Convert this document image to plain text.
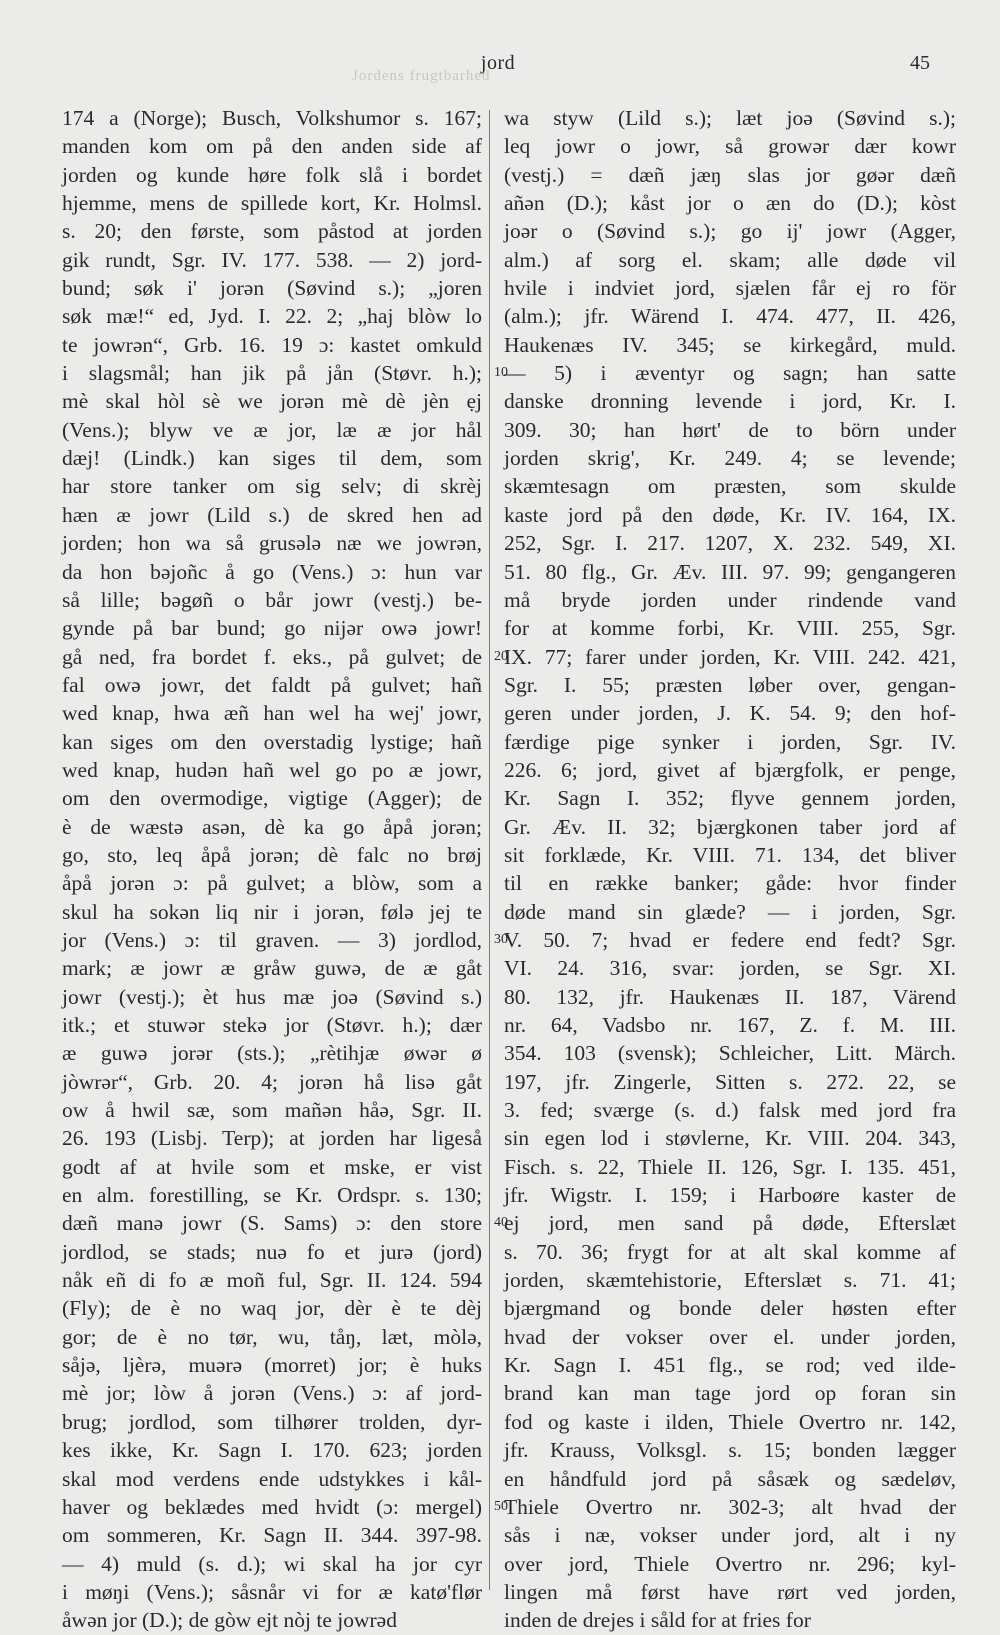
jord	45
Jordens frugtbarhed
174 a (Norge); Busch, Volkshumor s. 167;
manden kom om på den anden side af
jorden og kunde høre folk slå i bordet
hjemme, mens de spillede kort, Kr. Holmsl.
s. 20; den første, som påstod at jorden
gik rundt, Sgr. IV. 177. 538. — 2) jord-
bund; søk i' jorən (Søvind s.); „joren
søk mæ!“ ed, Jyd. I. 22. 2; „haj blòw lo
te jowrən“, Grb. 16. 19 ɔ: kastet omkuld
i slagsmål; han jik på jån (Støvr. h.); 10
mè skal hòl sè we jorən mè dè jèn ẹj
(Vens.); blyw ve æ jor, læ æ jor hål
dæj! (Lindk.) kan siges til dem, som
har store tanker om sig selv; di skrèj
hæn æ jowr (Lild s.) de skred hen ad
jorden; hon wa så grusələ næ we jowrən,
da hon bəjoñc å go (Vens.) ɔ: hun var
så lille; bəgøñ o bår jowr (vestj.) be-
gynde på bar bund; go nijər owə jowr!
gå ned, fra bordet f. eks., på gulvet; de 20
fal owə jowr, det faldt på gulvet; hañ
wed knap, hwa æñ han wel ha wej' jowr,
kan siges om den overstadig lystige; hañ
wed knap, hudən hañ wel go po æ jowr,
om den overmodige, vigtige (Agger); de
è de wæstə asən, dè ka go åpå jorən;
go, sto, leq åpå jorən; dè falc no brøj
åpå jorən ɔ: på gulvet; a blòw, som a
skul ha sokən liq nir i jorən, følə jej te
jor (Vens.) ɔ: til graven. — 3) jordlod, 30
mark; æ jowr æ gråw guwə, de æ gåt
jowr (vestj.); èt hus mæ joə (Søvind s.)
itk.; et stuwər stekə jor (Støvr. h.); dær
æ guwə jorər (sts.); „rètihjæ øwər ø
jòwrər“, Grb. 20. 4; jorən hå lisə gåt
ow å hwil sæ, som mañən håə, Sgr. II.
26. 193 (Lisbj. Terp); at jorden har ligeså
godt af at hvile som et mske, er vist
en alm. forestilling, se Kr. Ordspr. s. 130;
dæñ manə jowr (S. Sams) ɔ: den store 40
jordlod, se stads; nuə fo et jurə (jord)
nåk eñ di fo æ moñ ful, Sgr. II. 124. 594
(Fly); de è no waq jor, dèr è te dèj
gor; de è no tør, wu, tåŋ, læt, mòlə,
såjə, ljèrə, muərə (morret) jor; è huks
mè jor; lòw å jorən (Vens.) ɔ: af jord-
brug; jordlod, som tilhører trolden, dyr-
kes ikke, Kr. Sagn I. 170. 623; jorden
skal mod verdens ende udstykkes i kål-
haver og beklædes med hvidt (ɔ: mergel) 50
om sommeren, Kr. Sagn II. 344. 397-98.
— 4) muld (s. d.); wi skal ha jor cyr
i møŋi (Vens.); såsnår vi for æ katø'flør
åwən jor (D.); de gòw ejt nòj te jowrəd
wa styw (Lild s.); læt joə (Søvind s.);
leq jowr o jowr, så growər dær kowr
(vestj.) = dæñ jæŋ slas jor gøər dæñ
añən (D.); kåst jor o æn do (D.); kòst
joər o (Søvind s.); go ij' jowr (Agger,
alm.) af sorg el. skam; alle døde vil
hvile i indviet jord, sjælen får ej ro för
(alm.); jfr. Wärend I. 474. 477, II. 426,
Haukenæs IV. 345; se kirkegård, muld.
— 5) i æventyr og sagn; han satte
danske dronning levende i jord, Kr. I.
309. 30; han hørt' de to börn under
jorden skrig', Kr. 249. 4; se levende;
skæmtesagn om præsten, som skulde
kaste jord på den døde, Kr. IV. 164, IX.
252, Sgr. I. 217. 1207, X. 232. 549, XI.
51. 80 flg., Gr. Æv. III. 97. 99; gengangeren
må bryde jorden under rindende vand
for at komme forbi, Kr. VIII. 255, Sgr.
IX. 77; farer under jorden, Kr. VIII. 242. 421,
Sgr. I. 55; præsten løber over, gengan-
geren under jorden, J. K. 54. 9; den hof-
færdige pige synker i jorden, Sgr. IV.
226. 6; jord, givet af bjærgfolk, er penge,
Kr. Sagn I. 352; flyve gennem jorden,
Gr. Æv. II. 32; bjærgkonen taber jord af
sit forklæde, Kr. VIII. 71. 134, det bliver
til en række banker; gåde: hvor finder
døde mand sin glæde? — i jorden, Sgr.
V. 50. 7; hvad er federe end fedt? Sgr.
VI. 24. 316, svar: jorden, se Sgr. XI.
80. 132, jfr. Haukenæs II. 187, Värend
nr. 64, Vadsbo nr. 167, Z. f. M. III.
354. 103 (svensk); Schleicher, Litt. Märch.
197, jfr. Zingerle, Sitten s. 272. 22, se
3. fed; sværge (s. d.) falsk med jord fra
sin egen lod i støvlerne, Kr. VIII. 204. 343,
Fisch. s. 22, Thiele II. 126, Sgr. I. 135. 451,
jfr. Wigstr. I. 159; i Harboøre kaster de
ej jord, men sand på døde, Efterslæt
s. 70. 36; frygt for at alt skal komme af
jorden, skæmtehistorie, Efterslæt s. 71. 41;
bjærgmand og bonde deler høsten efter
hvad der vokser over el. under jorden,
Kr. Sagn I. 451 flg., se rod; ved ilde-
brand kan man tage jord op foran sin
fod og kaste i ilden, Thiele Overtro nr. 142,
jfr. Krauss, Volksgl. s. 15; bonden lægger
en håndfuld jord på såsæk og sædeløv,
Thiele Overtro nr. 302-3; alt hvad der
sås i næ, vokser under jord, alt i ny
over jord, Thiele Overtro nr. 296; kyl-
lingen må først have rørt ved jorden,
inden de drejes i såld for at fries for
